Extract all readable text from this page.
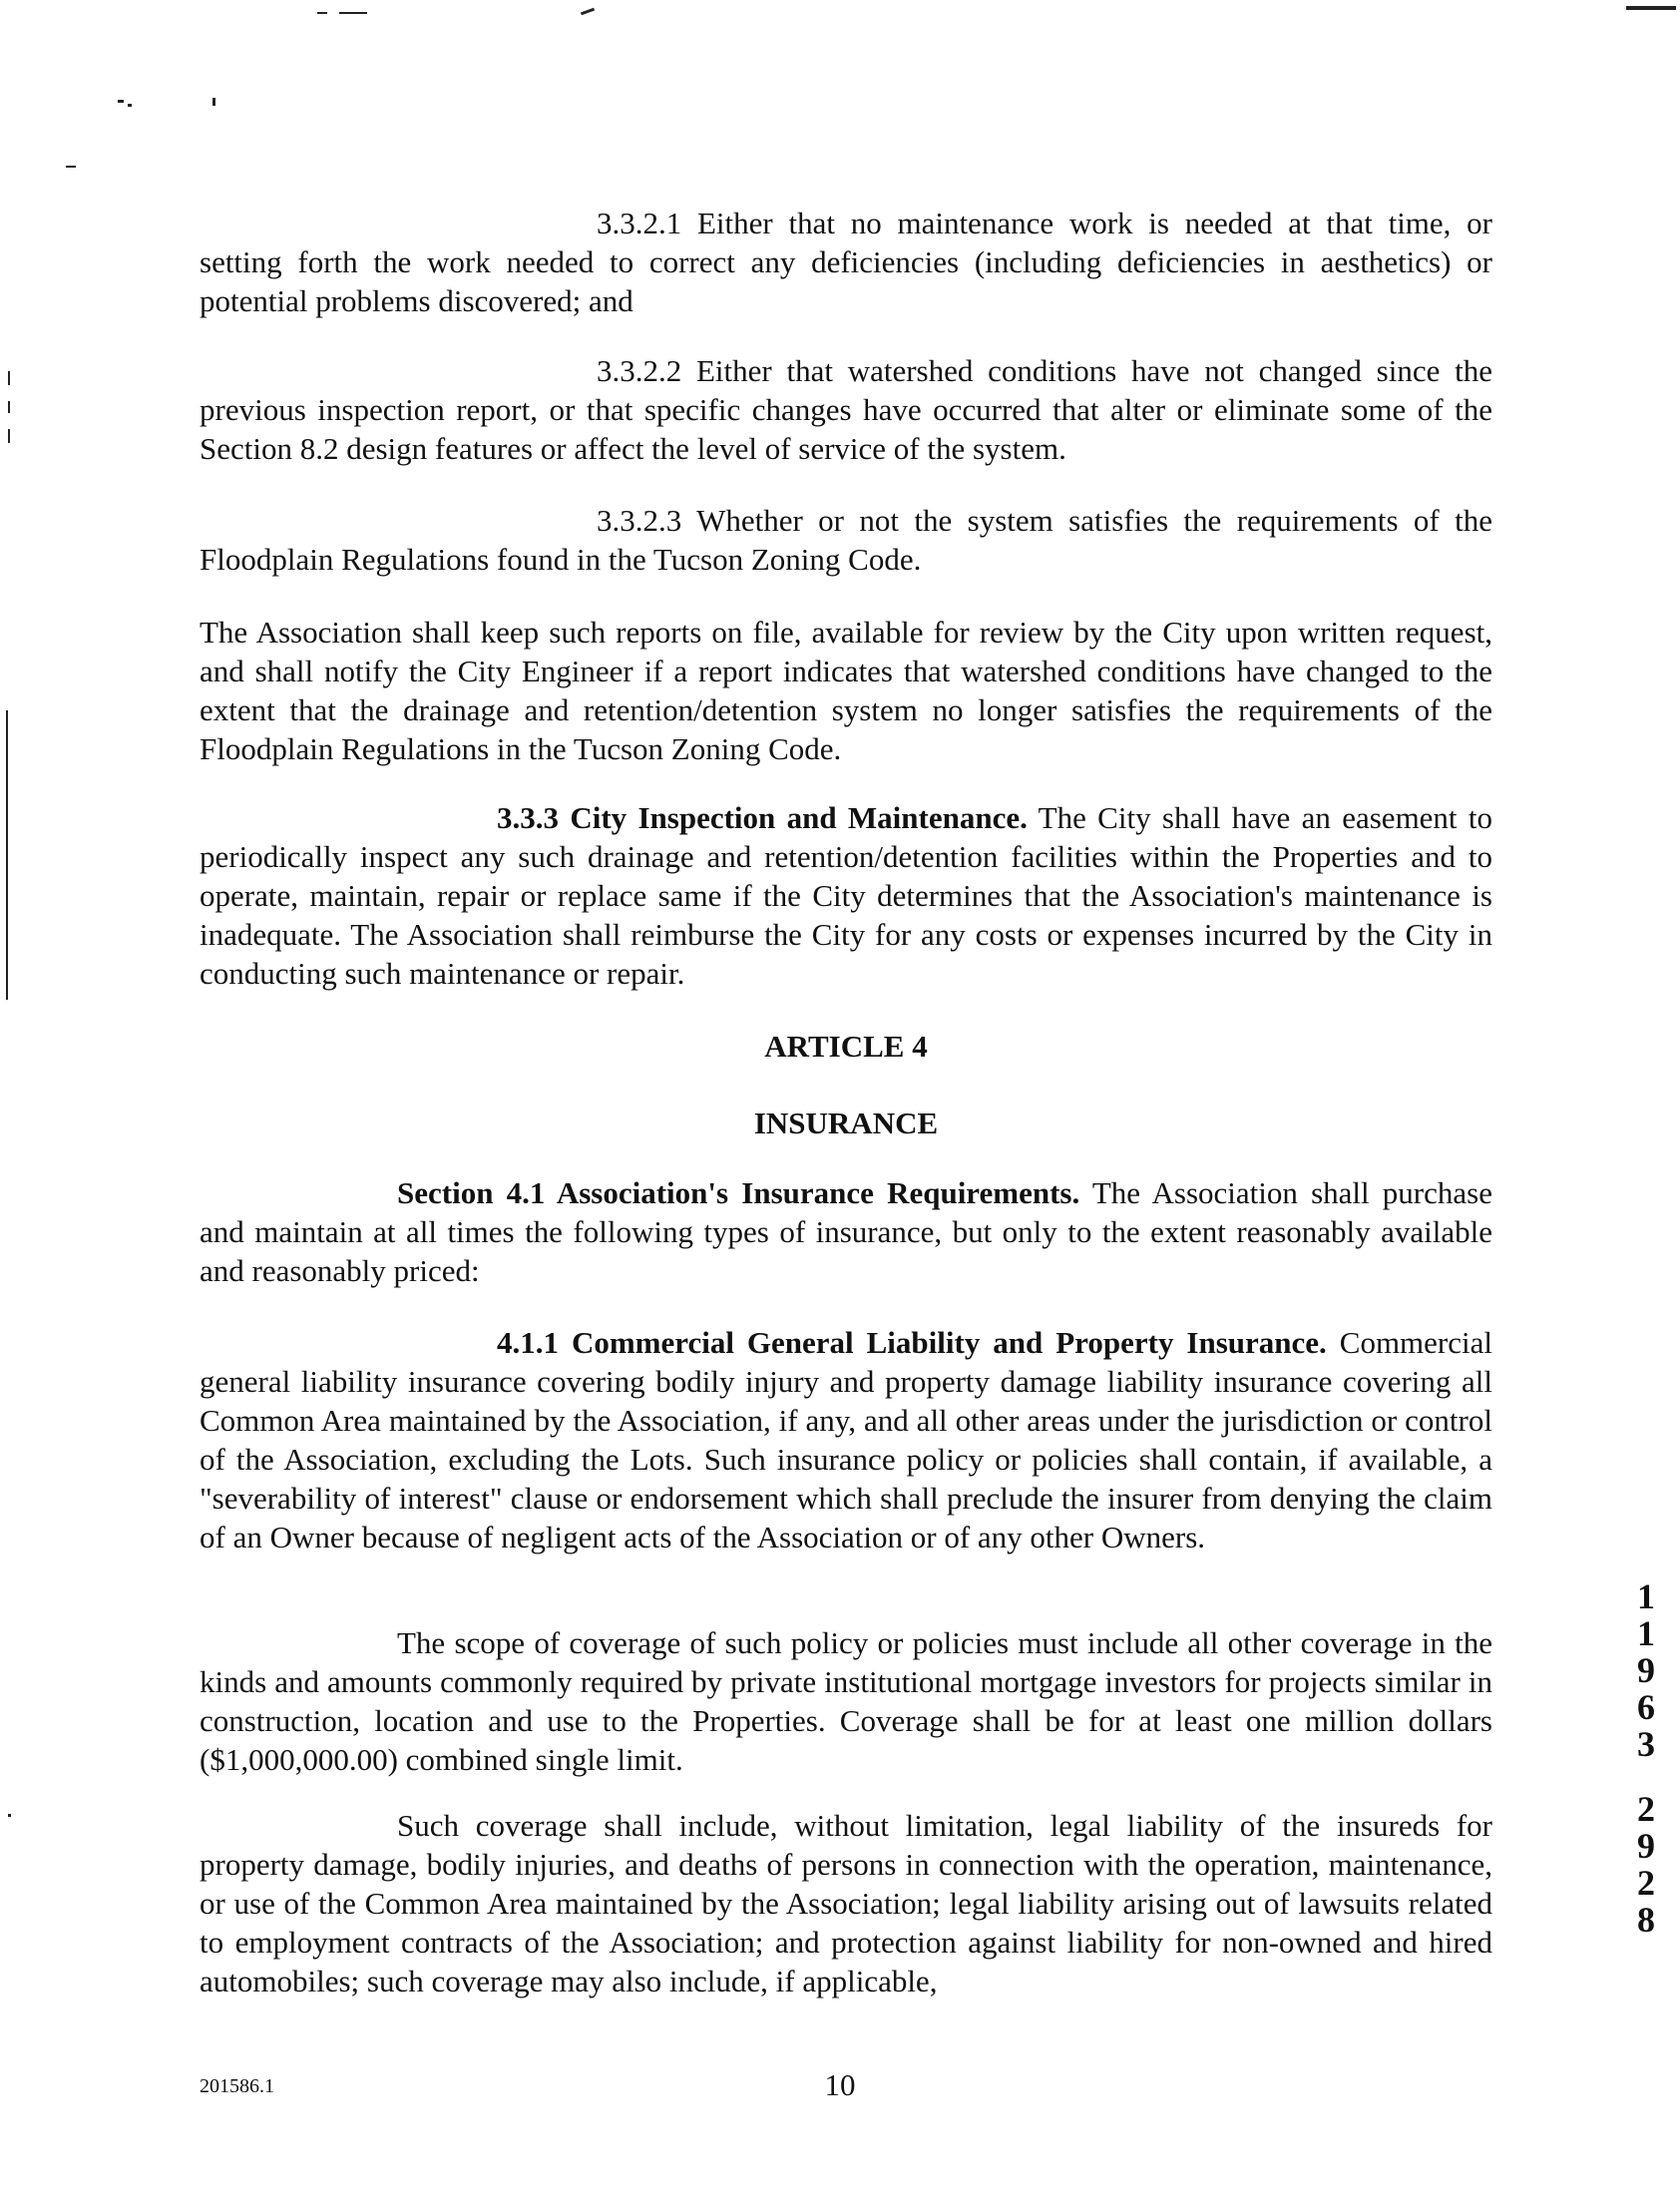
3.3.2.1 Either that no maintenance work is needed at that time, or setting forth the work needed to correct any deficiencies (including deficiencies in aesthetics) or potential problems discovered; and

3.3.2.2 Either that watershed conditions have not changed since the previous inspection report, or that specific changes have occurred that alter or eliminate some of the Section 8.2 design features or affect the level of service of the system.

3.3.2.3 Whether or not the system satisfies the requirements of the Floodplain Regulations found in the Tucson Zoning Code.

The Association shall keep such reports on file, available for review by the City upon written request, and shall notify the City Engineer if a report indicates that watershed conditions have changed to the extent that the drainage and retention/detention system no longer satisfies the requirements of the Floodplain Regulations in the Tucson Zoning Code.

3.3.3 City Inspection and Maintenance. The City shall have an easement to periodically inspect any such drainage and retention/detention facilities within the Properties and to operate, maintain, repair or replace same if the City determines that the Association's maintenance is inadequate. The Association shall reimburse the City for any costs or expenses incurred by the City in conducting such maintenance or repair.

ARTICLE 4

INSURANCE

Section 4.1 Association's Insurance Requirements. The Association shall purchase and maintain at all times the following types of insurance, but only to the extent reasonably available and reasonably priced:

4.1.1 Commercial General Liability and Property Insurance. Commercial general liability insurance covering bodily injury and property damage liability insurance covering all Common Area maintained by the Association, if any, and all other areas under the jurisdiction or control of the Association, excluding the Lots. Such insurance policy or policies shall contain, if available, a "severability of interest" clause or endorsement which shall preclude the insurer from denying the claim of an Owner because of negligent acts of the Association or of any other Owners.

The scope of coverage of such policy or policies must include all other coverage in the kinds and amounts commonly required by private institutional mortgage investors for projects similar in construction, location and use to the Properties. Coverage shall be for at least one million dollars ($1,000,000.00) combined single limit.

Such coverage shall include, without limitation, legal liability of the insureds for property damage, bodily injuries, and deaths of persons in connection with the operation, maintenance, or use of the Common Area maintained by the Association; legal liability arising out of lawsuits related to employment contracts of the Association; and protection against liability for non-owned and hired automobiles; such coverage may also include, if applicable,

201586.1	10

1
1
9
6
3
2
9
2
8
